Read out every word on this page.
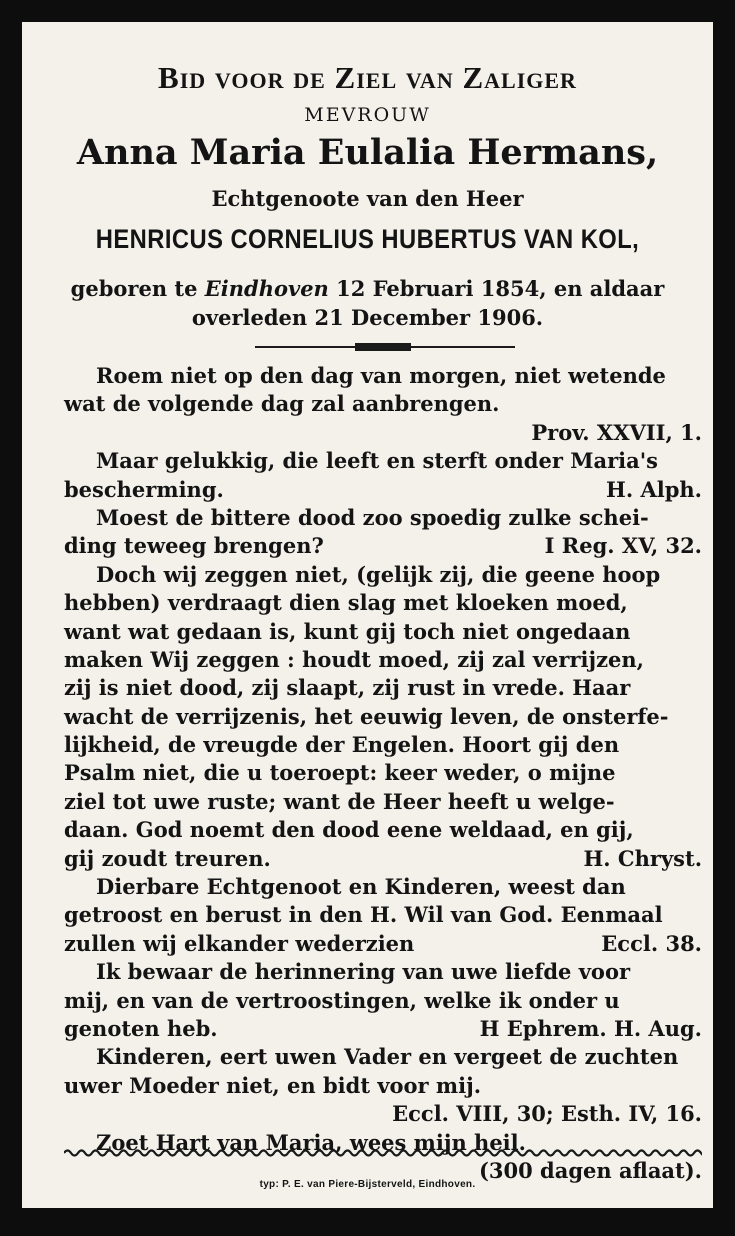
Bid voor de Ziel van Zaliger
MEVROUW
Anna Maria Eulalia Hermans,
Echtgenoote van den Heer
HENRICUS CORNELIUS HUBERTUS VAN KOL,
geboren te Eindhoven 12 Februari 1854, en aldaar
overleden 21 December 1906.
Roem niet op den dag van morgen, niet wetende
wat de volgende dag zal aanbrengen.
Prov. XXVII, 1.
Maar gelukkig, die leeft en sterft onder Maria's
bescherming.	H. Alph.
Moest de bittere dood zoo spoedig zulke schei-
ding teweeg brengen?	I Reg. XV, 32.
Doch wij zeggen niet, (gelijk zij, die geene hoop
hebben) verdraagt dien slag met kloeken moed,
want wat gedaan is, kunt gij toch niet ongedaan
maken Wij zeggen : houdt moed, zij zal verrijzen,
zij is niet dood, zij slaapt, zij rust in vrede. Haar
wacht de verrijzenis, het eeuwig leven, de onsterfe-
lijkheid, de vreugde der Engelen. Hoort gij den
Psalm niet, die u toeroept: keer weder, o mijne
ziel tot uwe ruste; want de Heer heeft u welge-
daan. God noemt den dood eene weldaad, en gij,
gij zoudt treuren.	H. Chryst.
Dierbare Echtgenoot en Kinderen, weest dan
getroost en berust in den H. Wil van God. Eenmaal
zullen wij elkander wederzien	Eccl. 38.
Ik bewaar de herinnering van uwe liefde voor
mij, en van de vertroostingen, welke ik onder u
genoten heb.	H Ephrem. H. Aug.
Kinderen, eert uwen Vader en vergeet de zuchten
uwer Moeder niet, en bidt voor mij.
Eccl. VIII, 30; Esth. IV, 16.
Zoet Hart van Maria, wees mijn heil.
(300 dagen aflaat).
typ: P. E. van Piere-Bijsterveld, Eindhoven.
